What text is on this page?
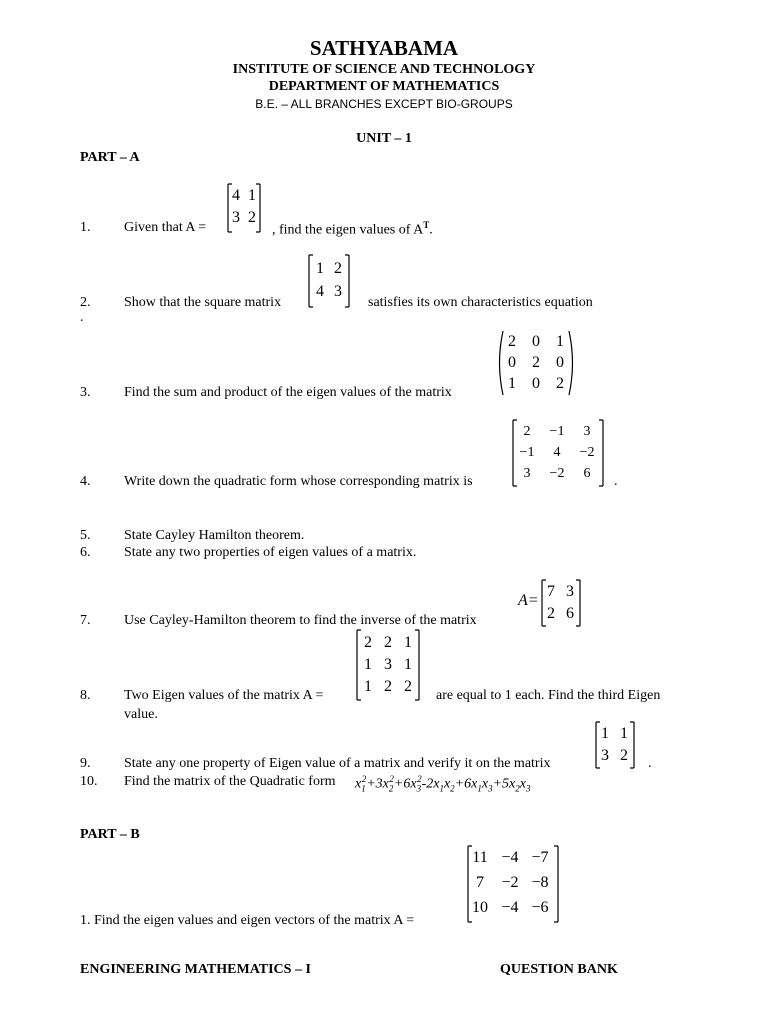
SATHYABAMA
INSTITUTE OF SCIENCE AND TECHNOLOGY
DEPARTMENT OF MATHEMATICS
B.E. – ALL BRANCHES EXCEPT BIO-GROUPS
UNIT – 1
PART – A
1. Given that A =
4 1
3 2
, find the eigen values of $A^T$.
2. Show that the square matrix
1 2
4 3
satisfies its own characteristics equation
.
3. Find the sum and product of the eigen values of the matrix
2	0	1
0	2	0
1	0	2
4. Write down the quadratic form whose corresponding matrix is
2	−1	3
−1	4	−2
3	−2	6
.
5. State Cayley Hamilton theorem.
6. State any two properties of eigen values of a matrix.
7. Use Cayley-Hamilton theorem to find the inverse of the matrix
A=
7 3
2 6
8. Two Eigen values of the matrix A =
2 2 1
1 3 1
1 2 2
are equal to 1 each. Find the third Eigen
value.
9. State any one property of Eigen value of a matrix and verify it on the matrix
1 1
3 2	.
10. Find the matrix of the Quadratic form $x_1^2+3x_2^2+6x_3^2-2x_1x_2+6x_1x_3+5x_2x_3$
PART – B
1. Find the eigen values and eigen vectors of the matrix A =
11 −4 −7
7	−2 −8
10 −4 −6
ENGINEERING MATHEMATICS – I	QUESTION BANK
